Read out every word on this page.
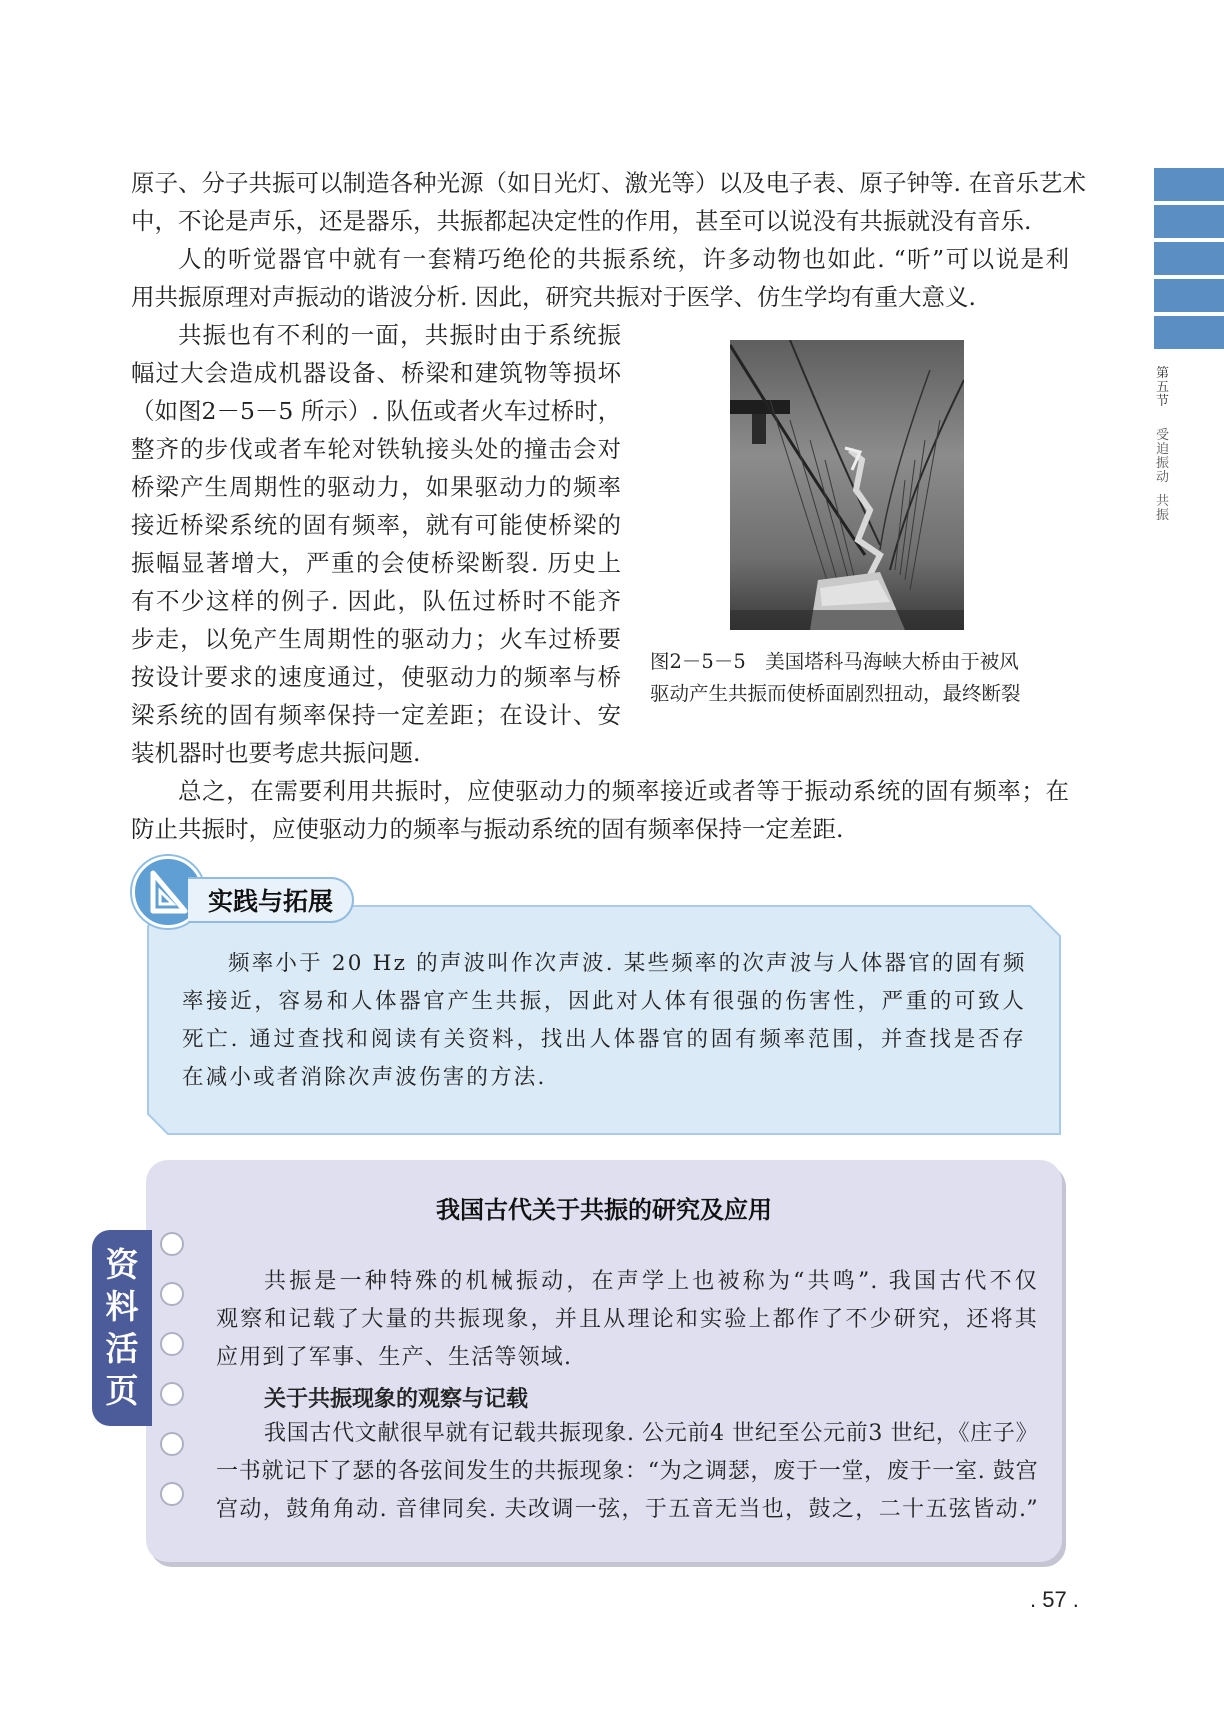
第五节
受迫振动
共振
原子、分子共振可以制造各种光源（如日光灯、激光等）以及电子表、原子钟等. 在音乐艺术
中，不论是声乐，还是器乐，共振都起决定性的作用，甚至可以说没有共振就没有音乐.
人的听觉器官中就有一套精巧绝伦的共振系统，许多动物也如此. “听”可以说是利
用共振原理对声振动的谐波分析. 因此，研究共振对于医学、仿生学均有重大意义.
共振也有不利的一面，共振时由于系统振
幅过大会造成机器设备、桥梁和建筑物等损坏
（如图2－5－5 所示）. 队伍或者火车过桥时，
整齐的步伐或者车轮对铁轨接头处的撞击会对
桥梁产生周期性的驱动力，如果驱动力的频率
接近桥梁系统的固有频率，就有可能使桥梁的
振幅显著增大，严重的会使桥梁断裂. 历史上
有不少这样的例子. 因此，队伍过桥时不能齐
步走，以免产生周期性的驱动力；火车过桥要
按设计要求的速度通过，使驱动力的频率与桥
梁系统的固有频率保持一定差距；在设计、安
装机器时也要考虑共振问题.
总之，在需要利用共振时，应使驱动力的频率接近或者等于振动系统的固有频率；在
防止共振时，应使驱动力的频率与振动系统的固有频率保持一定差距.
图2－5－5　美国塔科马海峡大桥由于被风
驱动产生共振而使桥面剧烈扭动，最终断裂
实践与拓展
频率小于 20 Hz 的声波叫作次声波. 某些频率的次声波与人体器官的固有频
率接近，容易和人体器官产生共振，因此对人体有很强的伤害性，严重的可致人
死亡. 通过查找和阅读有关资料，找出人体器官的固有频率范围，并查找是否存
在减小或者消除次声波伤害的方法.
资料活页
我国古代关于共振的研究及应用
共振是一种特殊的机械振动，在声学上也被称为“共鸣”. 我国古代不仅
观察和记载了大量的共振现象，并且从理论和实验上都作了不少研究，还将其
应用到了军事、生产、生活等领域.
关于共振现象的观察与记载
我国古代文献很早就有记载共振现象. 公元前4 世纪至公元前3 世纪，《庄子》
一书就记下了瑟的各弦间发生的共振现象：“为之调瑟，废于一堂，废于一室. 鼓宫
宫动，鼓角角动. 音律同矣. 夫改调一弦，于五音无当也，鼓之，二十五弦皆动.”
. 57 .
